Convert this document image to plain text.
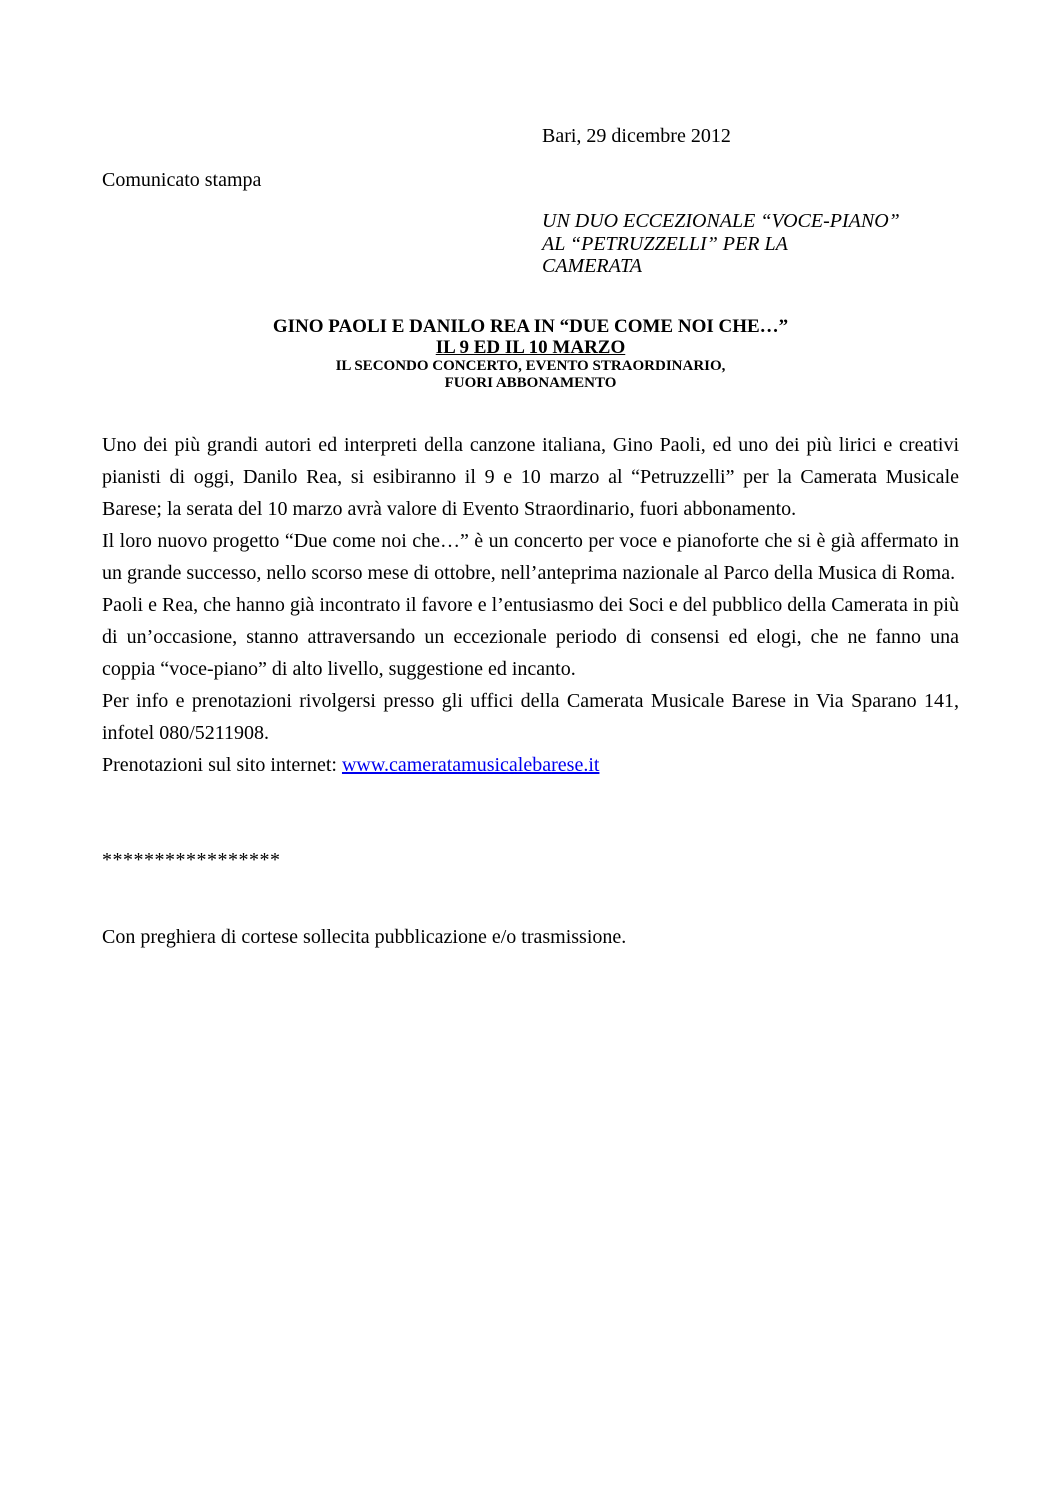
Bari, 29 dicembre 2012
Comunicato stampa
UN DUO ECCEZIONALE “VOCE-PIANO”
AL “PETRUZZELLI” PER LA
CAMERATA
GINO PAOLI E DANILO REA IN “DUE COME NOI CHE…”
IL 9 ED IL 10 MARZO
IL SECONDO CONCERTO, EVENTO STRAORDINARIO,
FUORI ABBONAMENTO

Uno dei più grandi autori ed interpreti della canzone italiana, Gino Paoli, ed uno dei più lirici e creativi pianisti di oggi, Danilo Rea, si esibiranno il 9 e 10 marzo al “Petruzzelli” per la Camerata Musicale Barese; la serata del 10 marzo avrà valore di Evento Straordinario, fuori abbonamento.

Il loro nuovo progetto “Due come noi che…” è un concerto per voce e pianoforte che si è già affermato in un grande successo, nello scorso mese di ottobre, nell’anteprima nazionale al Parco della Musica di Roma.

Paoli e Rea, che hanno già incontrato il favore e l’entusiasmo dei Soci e del pubblico della Camerata in più di un’occasione, stanno attraversando un eccezionale periodo di consensi ed elogi, che ne fanno una coppia “voce-piano” di alto livello, suggestione ed incanto.

Per info e prenotazioni rivolgersi presso gli uffici della Camerata Musicale Barese in Via Sparano 141, infotel 080/5211908.

Prenotazioni sul sito internet: www.cameratamusicalebarese.it

*****************
Con preghiera di cortese sollecita pubblicazione e/o trasmissione.
